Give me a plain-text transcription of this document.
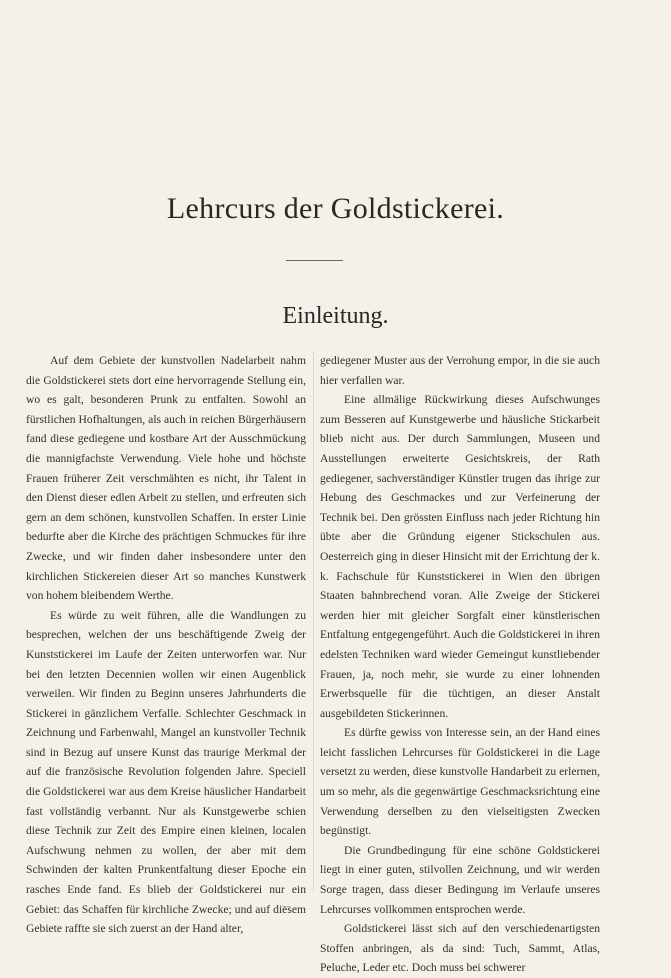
Lehrcurs der Goldstickerei.
Einleitung.

Auf dem Gebiete der kunstvollen Nadelarbeit nahm die Goldstickerei stets dort eine hervorragende Stellung ein, wo es galt, besonderen Prunk zu entfalten. Sowohl an fürstlichen Hofhaltungen, als auch in reichen Bürgerhäusern fand diese gediegene und kostbare Art der Ausschmückung die mannigfachste Verwendung. Viele hohe und höchste Frauen früherer Zeit verschmähten es nicht, ihr Talent in den Dienst dieser edlen Arbeit zu stellen, und erfreuten sich gern an dem schönen, kunstvollen Schaffen. In erster Linie bedurfte aber die Kirche des prächtigen Schmuckes für ihre Zwecke, und wir finden daher insbesondere unter den kirchlichen Stickereien dieser Art so manches Kunstwerk von hohem bleibendem Werthe.

Es würde zu weit führen, alle die Wandlungen zu besprechen, welchen der uns beschäftigende Zweig der Kunststickerei im Laufe der Zeiten unterworfen war. Nur bei den letzten Decennien wollen wir einen Augenblick verweilen. Wir finden zu Beginn unseres Jahrhunderts die Stickerei in gänzlichem Verfalle. Schlechter Geschmack in Zeichnung und Farbenwahl, Mangel an kunstvoller Technik sind in Bezug auf unsere Kunst das traurige Merkmal der auf die französische Revolution folgenden Jahre. Speciell die Goldstickerei war aus dem Kreise häuslicher Handarbeit fast vollständig verbannt. Nur als Kunstgewerbe schien diese Technik zur Zeit des Empire einen kleinen, localen Aufschwung nehmen zu wollen, der aber mit dem Schwinden der kalten Prunkentfaltung dieser Epoche ein rasches Ende fand. Es blieb der Goldstickerei nur ein Gebiet: das Schaffen für kirchliche Zwecke; und auf diesem Gebiete raffte sie sich zuerst an der Hand alter,

gediegener Muster aus der Verrohung empor, in die sie auch hier verfallen war.

Eine allmälige Rückwirkung dieses Aufschwunges zum Besseren auf Kunstgewerbe und häusliche Stickarbeit blieb nicht aus. Der durch Sammlungen, Museen und Ausstellungen erweiterte Gesichtskreis, der Rath gediegener, sachverständiger Künstler trugen das ihrige zur Hebung des Geschmackes und zur Verfeinerung der Technik bei. Den grössten Einfluss nach jeder Richtung hin übte aber die Gründung eigener Stickschulen aus. Oesterreich ging in dieser Hinsicht mit der Errichtung der k. k. Fachschule für Kunststickerei in Wien den übrigen Staaten bahnbrechend voran. Alle Zweige der Stickerei werden hier mit gleicher Sorgfalt einer künstlerischen Entfaltung entgegengeführt. Auch die Goldstickerei in ihren edelsten Techniken ward wieder Gemeingut kunstliebender Frauen, ja, noch mehr, sie wurde zu einer lohnenden Erwerbsquelle für die tüchtigen, an dieser Anstalt ausgebildeten Stickerinnen.

Es dürfte gewiss von Interesse sein, an der Hand eines leicht fasslichen Lehrcurses für Goldstickerei in die Lage versetzt zu werden, diese kunstvolle Handarbeit zu erlernen, um so mehr, als die gegenwärtige Geschmacksrichtung eine Verwendung derselben zu den vielseitigsten Zwecken begünstigt.

Die Grundbedingung für eine schöne Goldstickerei liegt in einer guten, stilvollen Zeichnung, und wir werden Sorge tragen, dass dieser Bedingung im Verlaufe unseres Lehrcurses vollkommen entsprochen werde.

Goldstickerei lässt sich auf den verschiedenartigsten Stoffen anbringen, als da sind: Tuch, Sammt, Atlas, Peluche, Leder etc. Doch muss bei schwerer
